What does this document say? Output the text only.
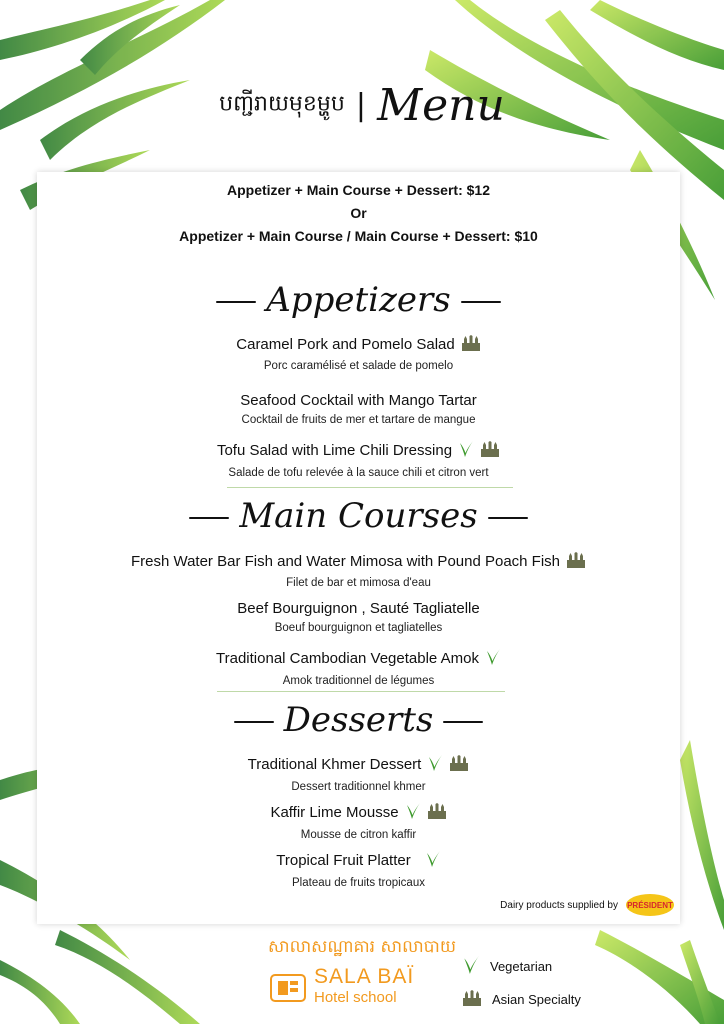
បញ្ជីរាយមុខម្ហូប | Menu
Appetizer + Main Course + Dessert: $12
Or
Appetizer + Main Course / Main Course + Dessert: $10
Appetizers
Caramel Pork and Pomelo Salad
Porc caramélisé et salade de pomelo
Seafood Cocktail with Mango Tartar
Cocktail de fruits de mer et tartare de mangue
Tofu Salad with Lime Chili Dressing
Salade de tofu relevée à la sauce chili et citron vert
Main Courses
Fresh Water Bar Fish and Water Mimosa with Pound Poach Fish
Filet de bar et mimosa d'eau
Beef Bourguignon , Sauté Tagliatelle
Boeuf bourguignon et tagliatelles
Traditional Cambodian Vegetable Amok
Amok traditionnel de légumes
Desserts
Traditional Khmer Dessert
Dessert traditionnel khmer
Kaffir Lime Mousse
Mousse de citron kaffir
Tropical Fruit Platter
Plateau de fruits tropicaux
Dairy products supplied by PRÉSIDENT
សាលាសណ្ឋាគារ សាលាបាយ
SALA BAÏ
Hotel school
Vegetarian
Asian Specialty
